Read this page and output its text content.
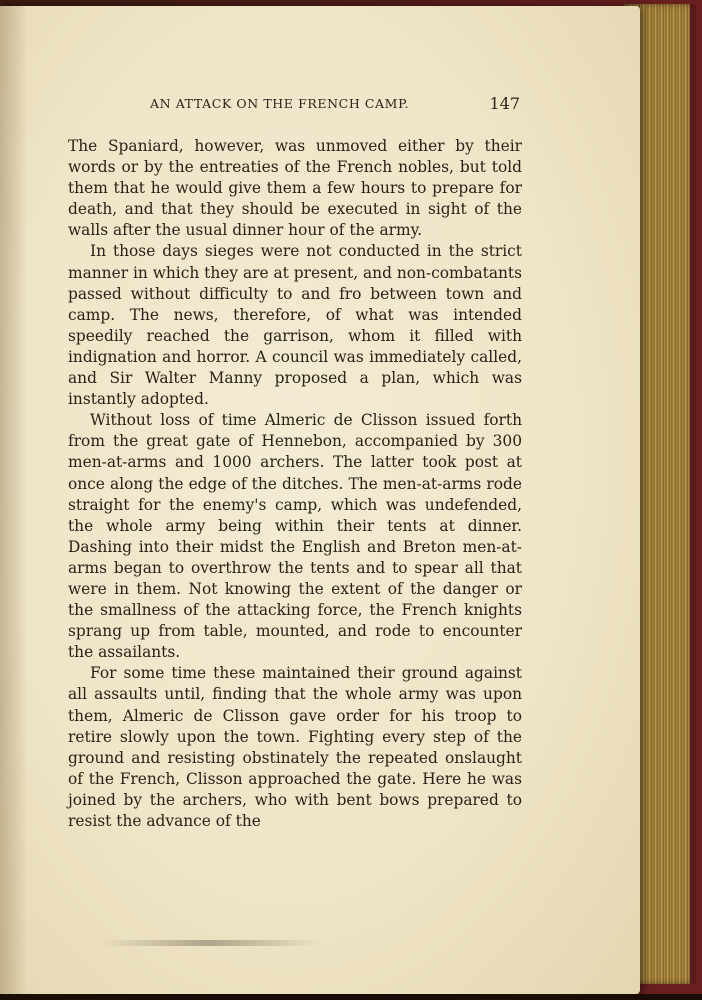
AN ATTACK ON THE FRENCH CAMP.	147

The Spaniard, however, was unmoved either by their words or by the entreaties of the French nobles, but told them that he would give them a few hours to prepare for death, and that they should be executed in sight of the walls after the usual dinner hour of the army.

In those days sieges were not conducted in the strict manner in which they are at present, and non-combatants passed without difficulty to and fro between town and camp. The news, therefore, of what was intended speedily reached the garrison, whom it filled with indignation and horror. A council was immediately called, and Sir Walter Manny proposed a plan, which was instantly adopted.

Without loss of time Almeric de Clisson issued forth from the great gate of Hennebon, accompanied by 300 men-at-arms and 1000 archers. The latter took post at once along the edge of the ditches. The men-at-arms rode straight for the enemy's camp, which was undefended, the whole army being within their tents at dinner. Dashing into their midst the English and Breton men-at-arms began to overthrow the tents and to spear all that were in them. Not knowing the extent of the danger or the smallness of the attacking force, the French knights sprang up from table, mounted, and rode to encounter the assailants.

For some time these maintained their ground against all assaults until, finding that the whole army was upon them, Almeric de Clisson gave order for his troop to retire slowly upon the town. Fighting every step of the ground and resisting obstinately the repeated onslaught of the French, Clisson approached the gate. Here he was joined by the archers, who with bent bows prepared to resist the advance of the
